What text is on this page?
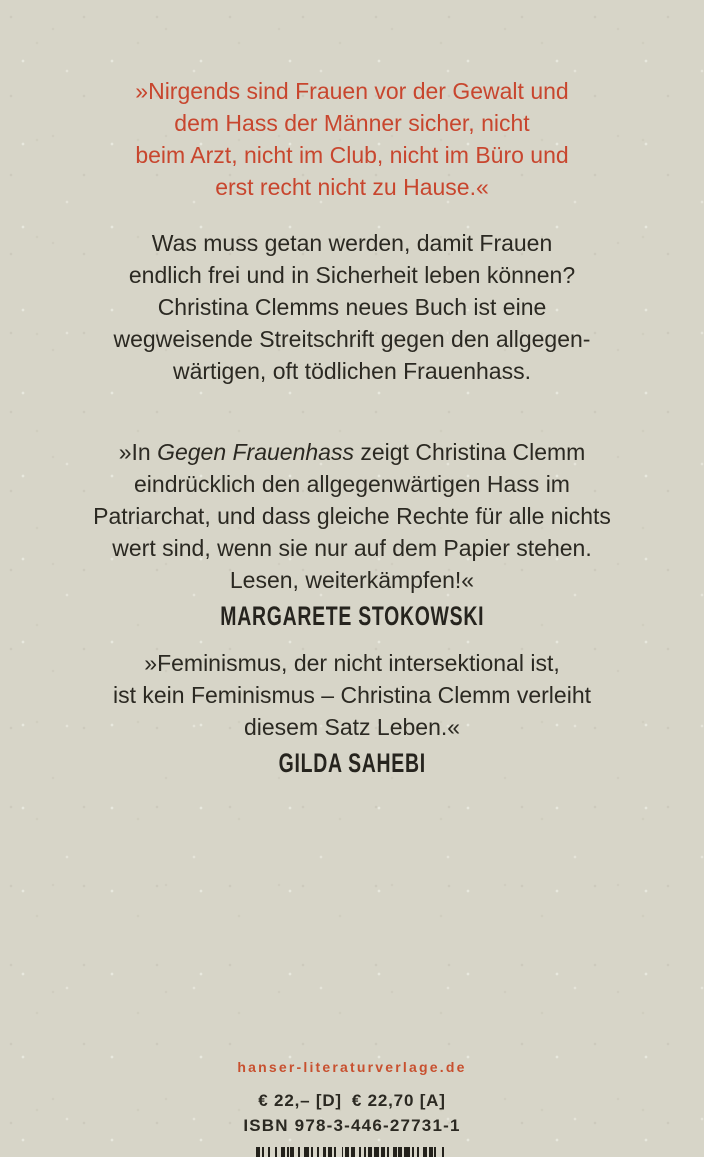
»Nirgends sind Frauen vor der Gewalt und
dem Hass der Männer sicher, nicht
beim Arzt, nicht im Club, nicht im Büro und
erst recht nicht zu Hause.«
Was muss getan werden, damit Frauen
endlich frei und in Sicherheit leben können?
Christina Clemms neues Buch ist eine
wegweisende Streitschrift gegen den allgegen-
wärtigen, oft tödlichen Frauenhass.
»In Gegen Frauenhass zeigt Christina Clemm
eindrücklich den allgegenwärtigen Hass im
Patriarchat, und dass gleiche Rechte für alle nichts
wert sind, wenn sie nur auf dem Papier stehen.
Lesen, weiterkämpfen!«
MARGARETE STOKOWSKI
»Feminismus, der nicht intersektional ist,
ist kein Feminismus – Christina Clemm verleiht
diesem Satz Leben.«
GILDA SAHEBI
hanser-literaturverlage.de
€ 22,– [D] € 22,70 [A]
ISBN 978-3-446-27731-1
